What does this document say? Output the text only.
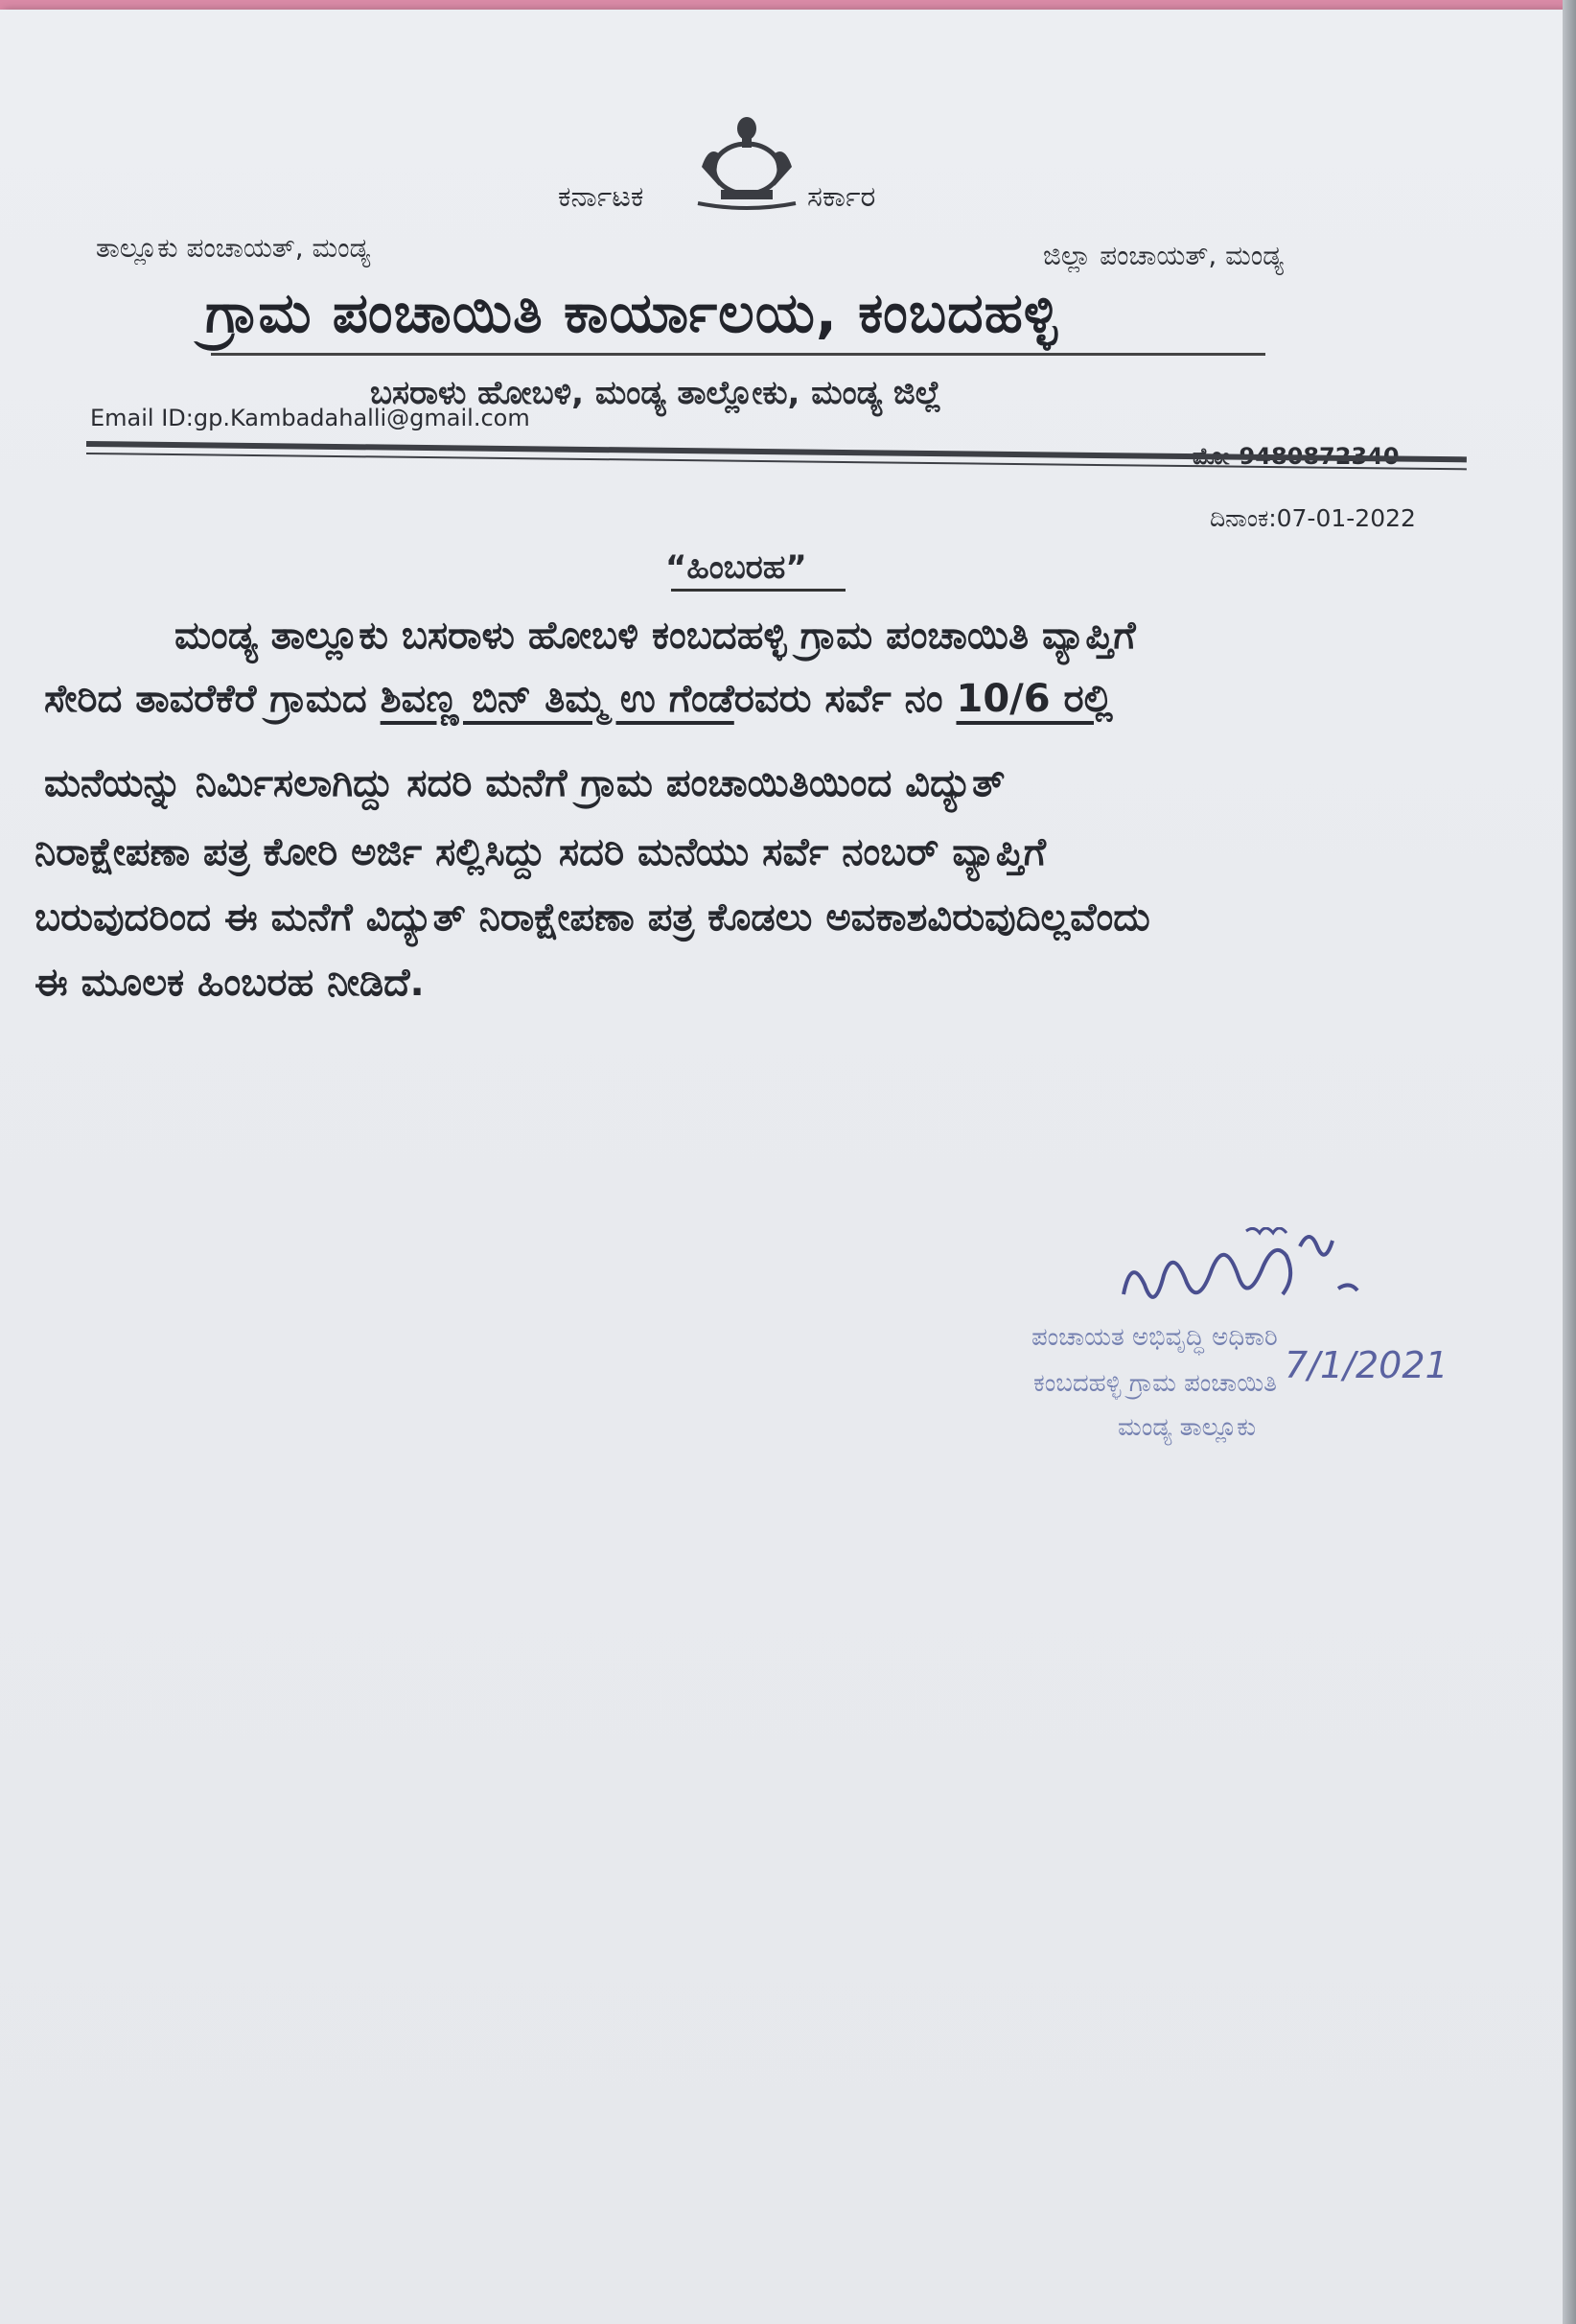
ಕರ್ನಾಟಕ	ಸರ್ಕಾರ
ತಾಲ್ಲೂಕು ಪಂಚಾಯತ್, ಮಂಡ್ಯ	ಜಿಲ್ಲಾ ಪಂಚಾಯತ್, ಮಂಡ್ಯ
ಗ್ರಾಮ ಪಂಚಾಯಿತಿ ಕಾರ್ಯಾಲಯ, ಕಂಬದಹಳ್ಳಿ
ಬಸರಾಳು ಹೋಬಳಿ, ಮಂಡ್ಯ ತಾಲ್ಲೋಕು, ಮಂಡ್ಯ ಜಿಲ್ಲೆ
Email ID:gp.Kambadahalli@gmail.com
ದಿನಾಂಕ:07-01-2022
“ಹಿಂಬರಹ”
ಮಂಡ್ಯ ತಾಲ್ಲೂಕು ಬಸರಾಳು ಹೋಬಳಿ ಕಂಬದಹಳ್ಳಿ ಗ್ರಾಮ ಪಂಚಾಯಿತಿ ವ್ಯಾಪ್ತಿಗೆ
ಸೇರಿದ ತಾವರೆಕೆರೆ ಗ್ರಾಮದ ಶಿವಣ್ಣ ಬಿನ್ ತಿಮ್ಮ ಉ ಗೆಂಡೆರವರು ಸರ್ವೆ ನಂ 10/6 ರಲ್ಲಿ
ಮನೆಯನ್ನು ನಿರ್ಮಿಸಲಾಗಿದ್ದು ಸದರಿ ಮನೆಗೆ ಗ್ರಾಮ ಪಂಚಾಯಿತಿಯಿಂದ ವಿದ್ಯುತ್
ನಿರಾಕ್ಷೇಪಣಾ ಪತ್ರ ಕೋರಿ ಅರ್ಜಿ ಸಲ್ಲಿಸಿದ್ದು ಸದರಿ ಮನೆಯು ಸರ್ವೆ ನಂಬರ್ ವ್ಯಾಪ್ತಿಗೆ
ಬರುವುದರಿಂದ ಈ ಮನೆಗೆ ವಿದ್ಯುತ್ ನಿರಾಕ್ಷೇಪಣಾ ಪತ್ರ ಕೊಡಲು ಅವಕಾಶವಿರುವುದಿಲ್ಲವೆಂದು
ಈ ಮೂಲಕ ಹಿಂಬರಹ ನೀಡಿದೆ.
ಪಂಚಾಯತ ಅಭಿವೃದ್ಧಿ ಅಧಿಕಾರಿ
ಕಂಬದಹಳ್ಳಿ ಗ್ರಾಮ ಪಂಚಾಯಿತಿ
ಮಂಡ್ಯ ತಾಲ್ಲೂಕು
7/1/2021
